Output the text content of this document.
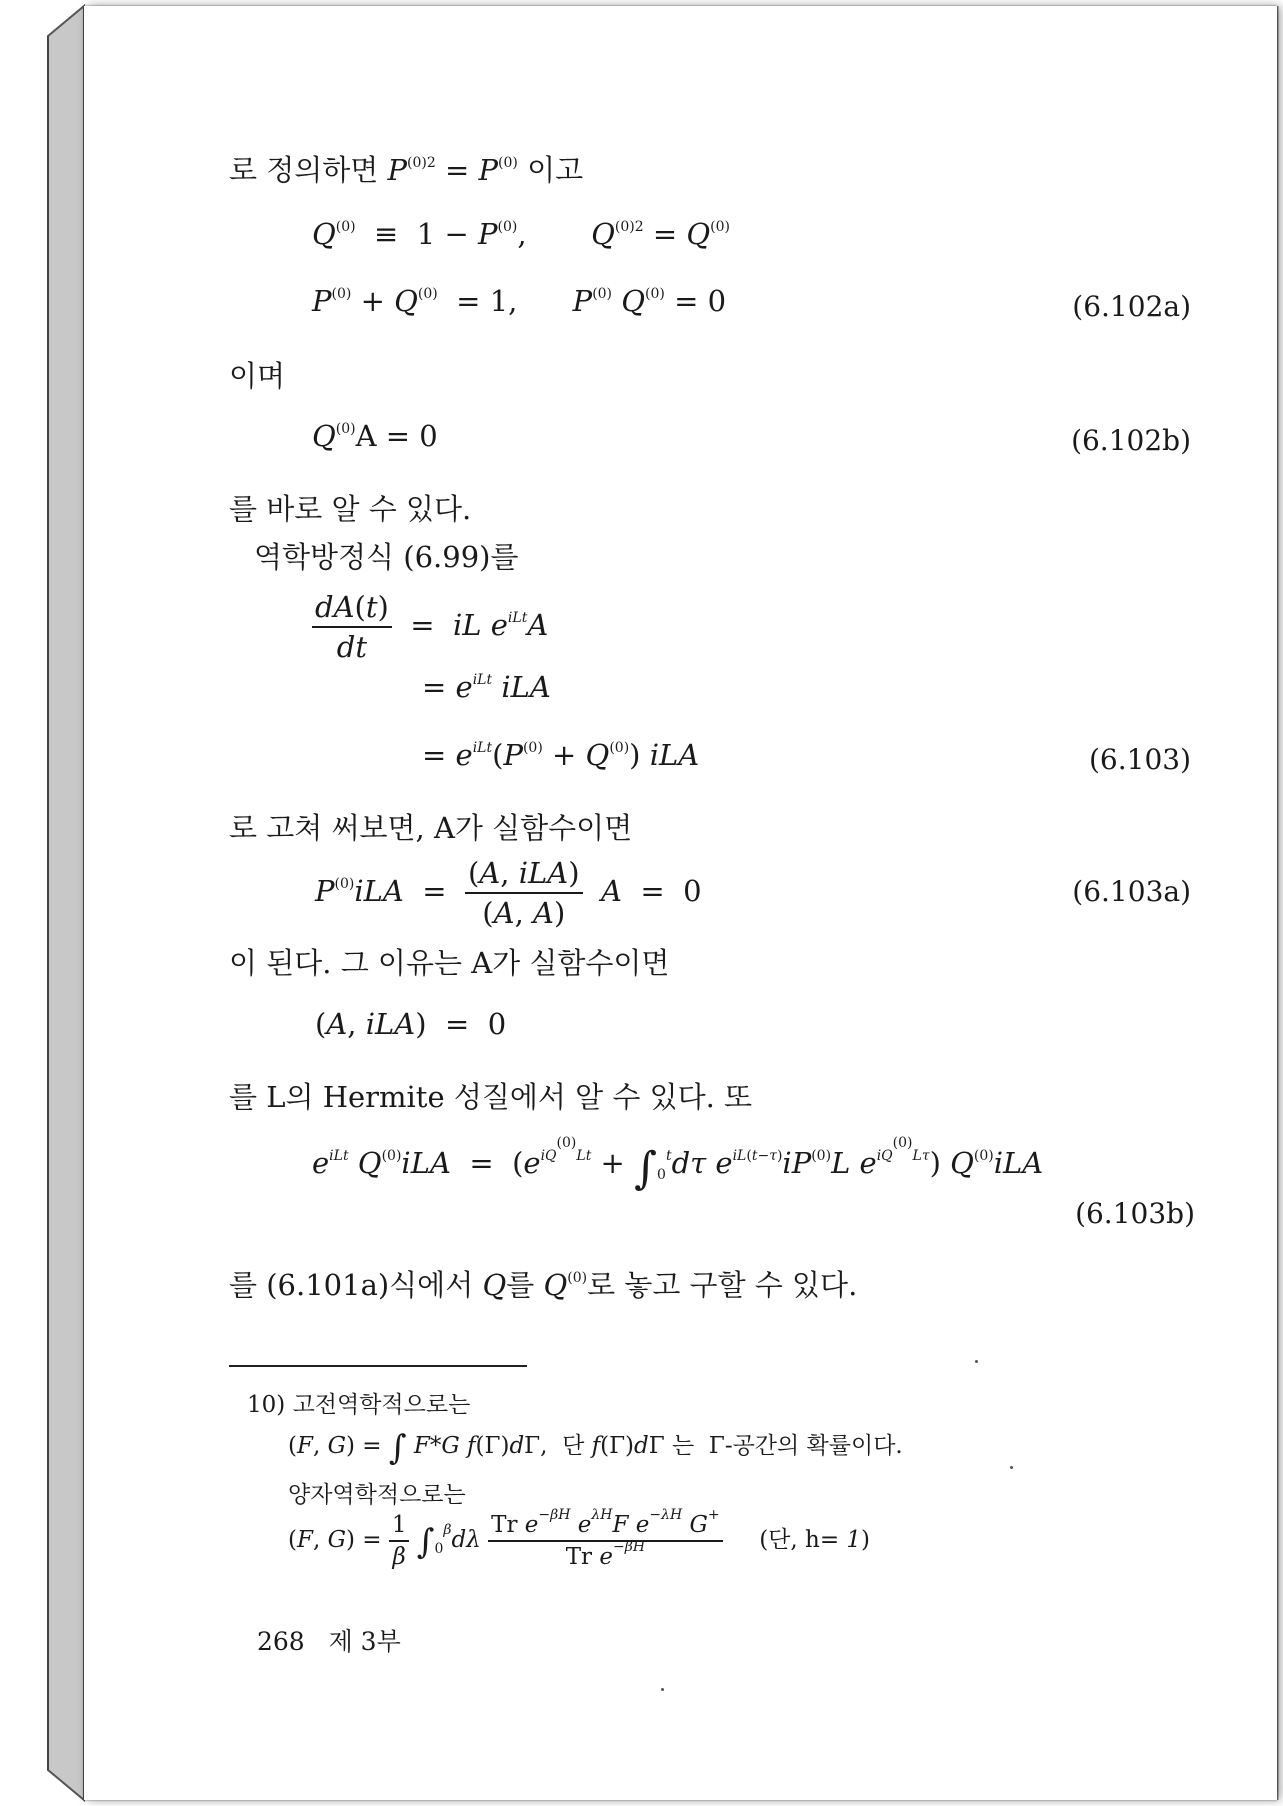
로 정의하면 $P^{(0)2} = P^{(0)}$ 이고
$Q^{(0)} \equiv 1 - P^{(0)}$,       $Q^{(0)2} = Q^{(0)}$
$P^{(0)} + Q^{(0)} = 1$,      $P^{(0)}$ $Q^{(0)} = 0$	(6.102a)
이며
$Q^{(0)}A = 0$	(6.102b)
를 바로 알 수 있다.
역학방정식 (6.99)를
$\frac{dA(t)}{dt}$ =  iL $e^{iLt}A$
= $e^{iLt}$ iLA
= $e^{iLt}(P^{(0)} + Q^{(0)})$ iLA	(6.103)
로 고쳐 써보면, A가 실함수이면
$P^{(0)}iLA = \frac{\text{(A, iLA)}}{(A, A)}$ A  =  0	(6.103a)
이 된다. 그 이유는 A가 실함수이면
(A, iLA)  =  0
를 L의 Hermite 성질에서 알 수 있다. 또
$e^{iLt}$ $Q^{(0)}iLA = (e^{iQ^{(0)}Lt} + \int_0^td\tau$ $e^{iL(t-\tau)}iP^{(0)}L$ $e^{iQ^{(0)}L\tau}$) $Q^{(0)}iLA$
(6.103b)
를 (6.101a)식에서 Q를 $Q^{(0)}$로 놓고 구할 수 있다.
10) 고전역학적으로는
(F, G) = ∫ F*G f(Γ)dΓ,  단 f(Γ)dΓ 는  Γ-공간의 확률이다.
양자역학적으로는
(F, $G) = \frac{1}{\beta} \int_0^\beta d\lambda \frac{Tr e^{-\beta H} e^{\lambda H}F e^{-\lambda H} G^+}{Tr e^{-\beta H}}$ (단, h= 1)
268 제 3부
